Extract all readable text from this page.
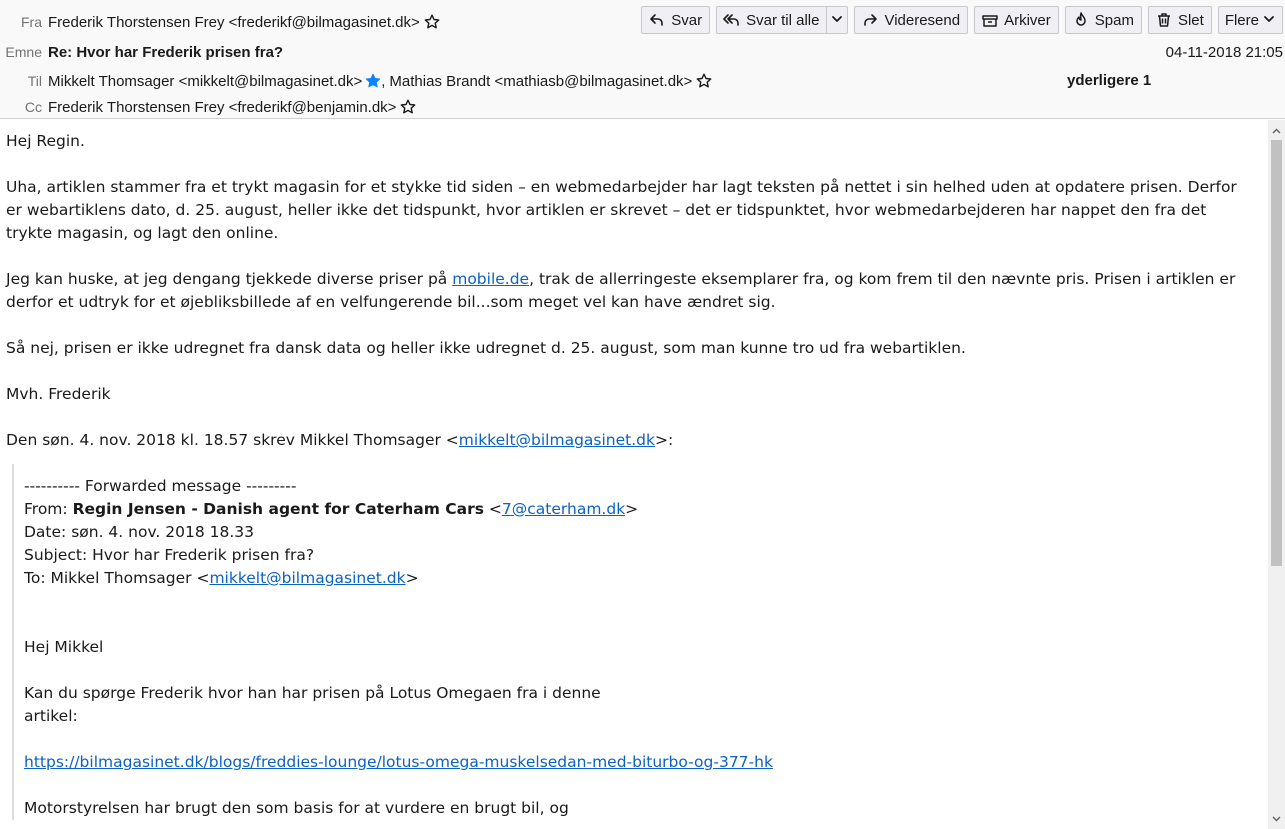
Fra Frederik Thorstensen Frey <frederikf@bilmagasinet.dk>	Svar	Svar til alle	Videresend	Arkiver	Spam	Slet Flere
Emne Re: Hvor har Frederik prisen fra?	04-11-2018 21:05
Til Mikkelt Thomsager <mikkelt@bilmagasinet.dk> , Mathias Brandt <mathiasb@bilmagasinet.dk>	yderligere 1
Cc Frederik Thorstensen Frey <frederikf@benjamin.dk>

Hej Regin.

Uha, artiklen stammer fra et trykt magasin for et stykke tid siden – en webmedarbejder har lagt teksten på nettet i sin helhed uden at opdatere prisen. Derfor er webartiklens dato, d. 25. august, heller ikke det tidspunkt, hvor artiklen er skrevet – det er tidspunktet, hvor webmedarbejderen har nappet den fra det trykte magasin, og lagt den online.

Jeg kan huske, at jeg dengang tjekkede diverse priser på mobile.de, trak de allerringeste eksemplarer fra, og kom frem til den nævnte pris. Prisen i artiklen er derfor et udtryk for et øjebliksbillede af en velfungerende bil...som meget vel kan have ændret sig.

Så nej, prisen er ikke udregnet fra dansk data og heller ikke udregnet d. 25. august, som man kunne tro ud fra webartiklen.

Mvh. Frederik

Den søn. 4. nov. 2018 kl. 18.57 skrev Mikkel Thomsager <mikkelt@bilmagasinet.dk>:

---------- Forwarded message ---------
From: Regin Jensen - Danish agent for Caterham Cars <7@caterham.dk>
Date: søn. 4. nov. 2018 18.33
Subject: Hvor har Frederik prisen fra?
To: Mikkel Thomsager <mikkelt@bilmagasinet.dk>

Hej Mikkel

Kan du spørge Frederik hvor han har prisen på Lotus Omegaen fra i denne
artikel:

https://bilmagasinet.dk/blogs/freddies-lounge/lotus-omega-muskelsedan-med-biturbo-og-377-hk

Motorstyrelsen har brugt den som basis for at vurdere en brugt bil, og
